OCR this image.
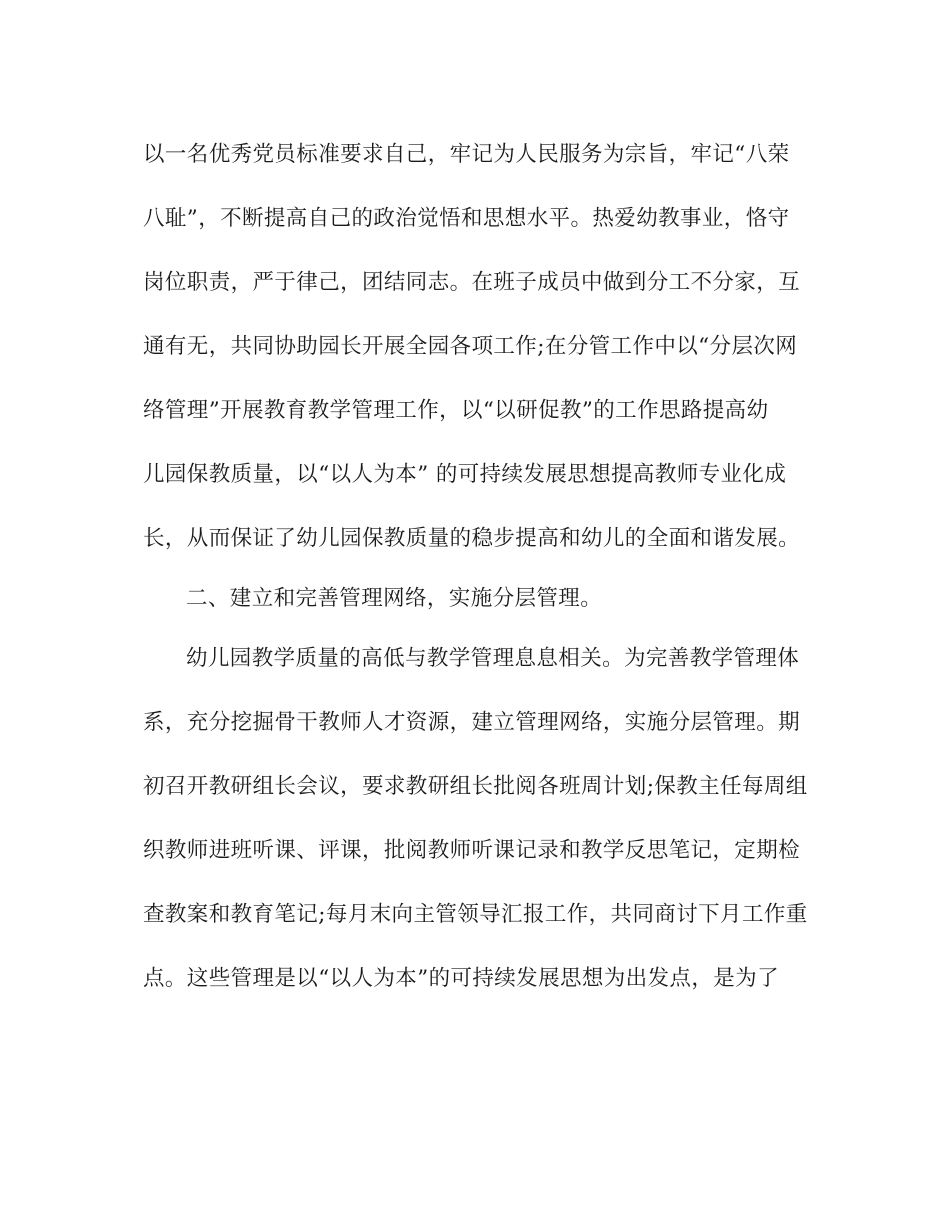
以一名优秀党员标准要求自己，牢记为人民服务为宗旨，牢记“八荣
八耻”，不断提高自己的政治觉悟和思想水平。热爱幼教事业，恪守
岗位职责，严于律己，团结同志。在班子成员中做到分工不分家，互
通有无，共同协助园长开展全园各项工作;在分管工作中以“分层次网
络管理”开展教育教学管理工作，以“以研促教”的工作思路提高幼
儿园保教质量，以“以人为本” 的可持续发展思想提高教师专业化成
长，从而保证了幼儿园保教质量的稳步提高和幼儿的全面和谐发展。
二、建立和完善管理网络，实施分层管理。
幼儿园教学质量的高低与教学管理息息相关。为完善教学管理体
系，充分挖掘骨干教师人才资源，建立管理网络，实施分层管理。期
初召开教研组长会议，要求教研组长批阅各班周计划;保教主任每周组
织教师进班听课、评课，批阅教师听课记录和教学反思笔记，定期检
查教案和教育笔记;每月末向主管领导汇报工作，共同商讨下月工作重
点。这些管理是以“以人为本”的可持续发展思想为出发点，是为了
